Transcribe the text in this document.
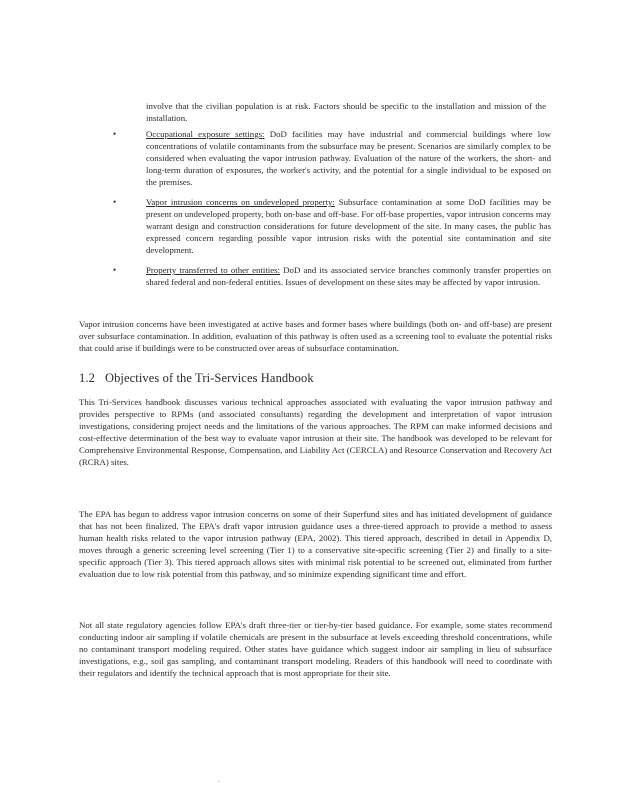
involve that the civilian population is at risk. Factors should be specific to the installation and mission of the installation.

•	Occupational exposure settings: DoD facilities may have industrial and commercial buildings where low concentrations of volatile contaminants from the subsurface may be present. Scenarios are similarly complex to be considered when evaluating the vapor intrusion pathway. Evaluation of the nature of the workers, the short- and long-term duration of exposures, the worker's activity, and the potential for a single individual to be exposed on the premises.
•	Vapor intrusion concerns on undeveloped property: Subsurface contamination at some DoD facilities may be present on undeveloped property, both on-base and off-base. For off-base properties, vapor intrusion concerns may warrant design and construction considerations for future development of the site. In many cases, the public has expressed concern regarding possible vapor intrusion risks with the potential site contamination and site development.
•	Property transferred to other entities: DoD and its associated service branches commonly transfer properties on shared federal and non-federal entities. Issues of development on these sites may be affected by vapor intrusion.

Vapor intrusion concerns have been investigated at active bases and former bases where buildings (both on- and off-base) are present over subsurface contamination. In addition, evaluation of this pathway is often used as a screening tool to evaluate the potential risks that could arise if buildings were to be constructed over areas of subsurface contamination.

1.2 Objectives of the Tri-Services Handbook

This Tri-Services handbook discusses various technical approaches associated with evaluating the vapor intrusion pathway and provides perspective to RPMs (and associated consultants) regarding the development and interpretation of vapor intrusion investigations, considering project needs and the limitations of the various approaches. The RPM can make informed decisions and cost-effective determination of the best way to evaluate vapor intrusion at their site. The handbook was developed to be relevant for Comprehensive Environmental Response, Compensation, and Liability Act (CERCLA) and Resource Conservation and Recovery Act (RCRA) sites.

The EPA has begun to address vapor intrusion concerns on some of their Superfund sites and has initiated development of guidance that has not been finalized. The EPA's draft vapor intrusion guidance uses a three-tiered approach to provide a method to assess human health risks related to the vapor intrusion pathway (EPA, 2002). This tiered approach, described in detail in Appendix D, moves through a generic screening level screening (Tier 1) to a conservative site-specific screening (Tier 2) and finally to a site-specific approach (Tier 3). This tiered approach allows sites with minimal risk potential to be screened out, eliminated from further evaluation due to low risk potential from this pathway, and so minimize expending significant time and effort.

Not all state regulatory agencies follow EPA's draft three-tier or tier-by-tier based guidance. For example, some states recommend conducting indoor air sampling if volatile chemicals are present in the subsurface at levels exceeding threshold concentrations, while no contaminant transport modeling required. Other states have guidance which suggest indoor air sampling in lieu of subsurface investigations, e.g., soil gas sampling, and contaminant transport modeling. Readers of this handbook will need to coordinate with their regulators and identify the technical approach that is most appropriate for their site.

.
